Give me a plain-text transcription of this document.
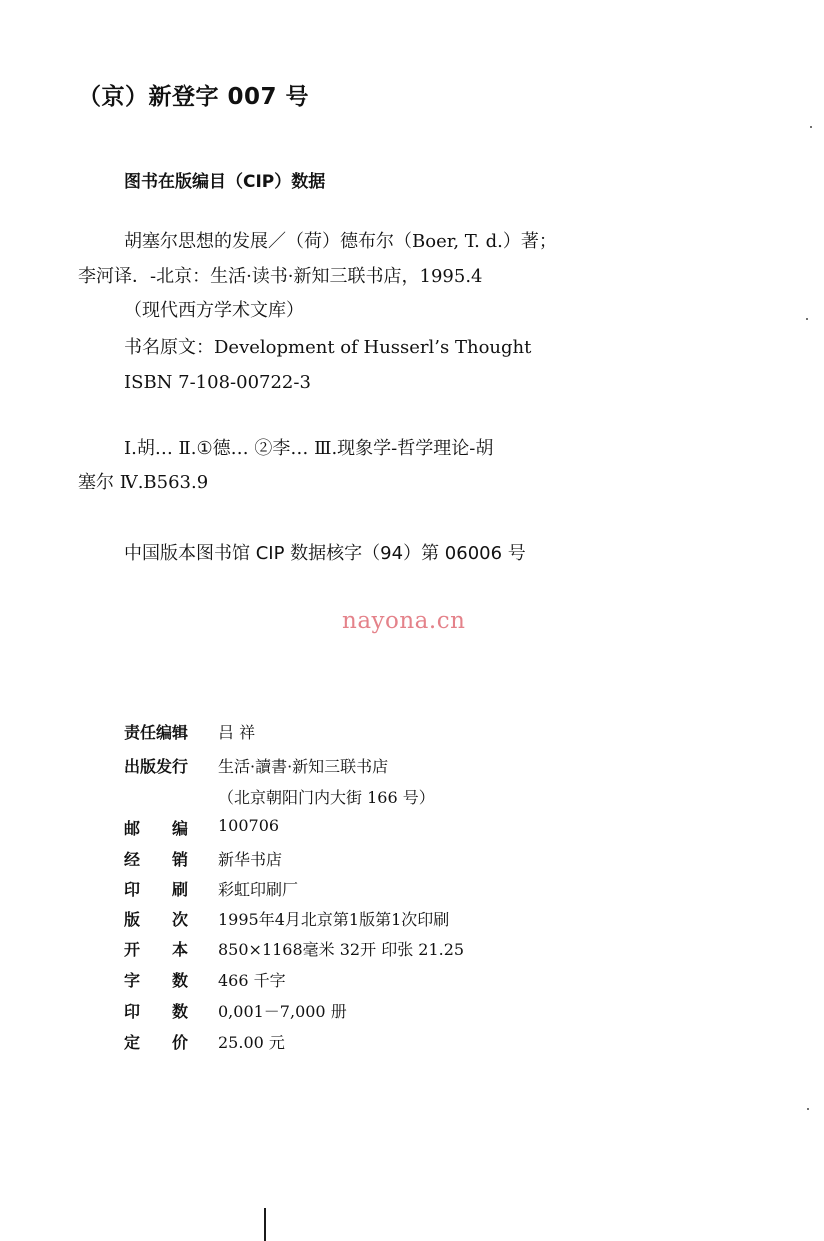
（京）新登字 007 号
图书在版编目（CIP）数据
胡塞尔思想的发展／（荷）德布尔（Boer, T. d.）著；
李河译．-北京：生活·读书·新知三联书店，1995.4
（现代西方学术文库）
书名原文：Development of Husserl’s Thought
ISBN 7-108-00722-3
Ⅰ.胡… Ⅱ.①德… ②李… Ⅲ.现象学-哲学理论-胡
塞尔 Ⅳ.B563.9
中国版本图书馆 CIP 数据核字（94）第 06006 号
nayona.cn
责任编辑	吕 祥
出版发行	生活·讀書·新知三联书店
（北京朝阳门内大街 166 号）
邮　　编	100706
经　　销	新华书店
印　　刷	彩虹印刷厂
版　　次	1995年4月北京第1版第1次印刷
开　　本	850×1168毫米 32开 印张 21.25
字　　数	466 千字
印　　数	0,001－7,000 册
定　　价	25.00 元
